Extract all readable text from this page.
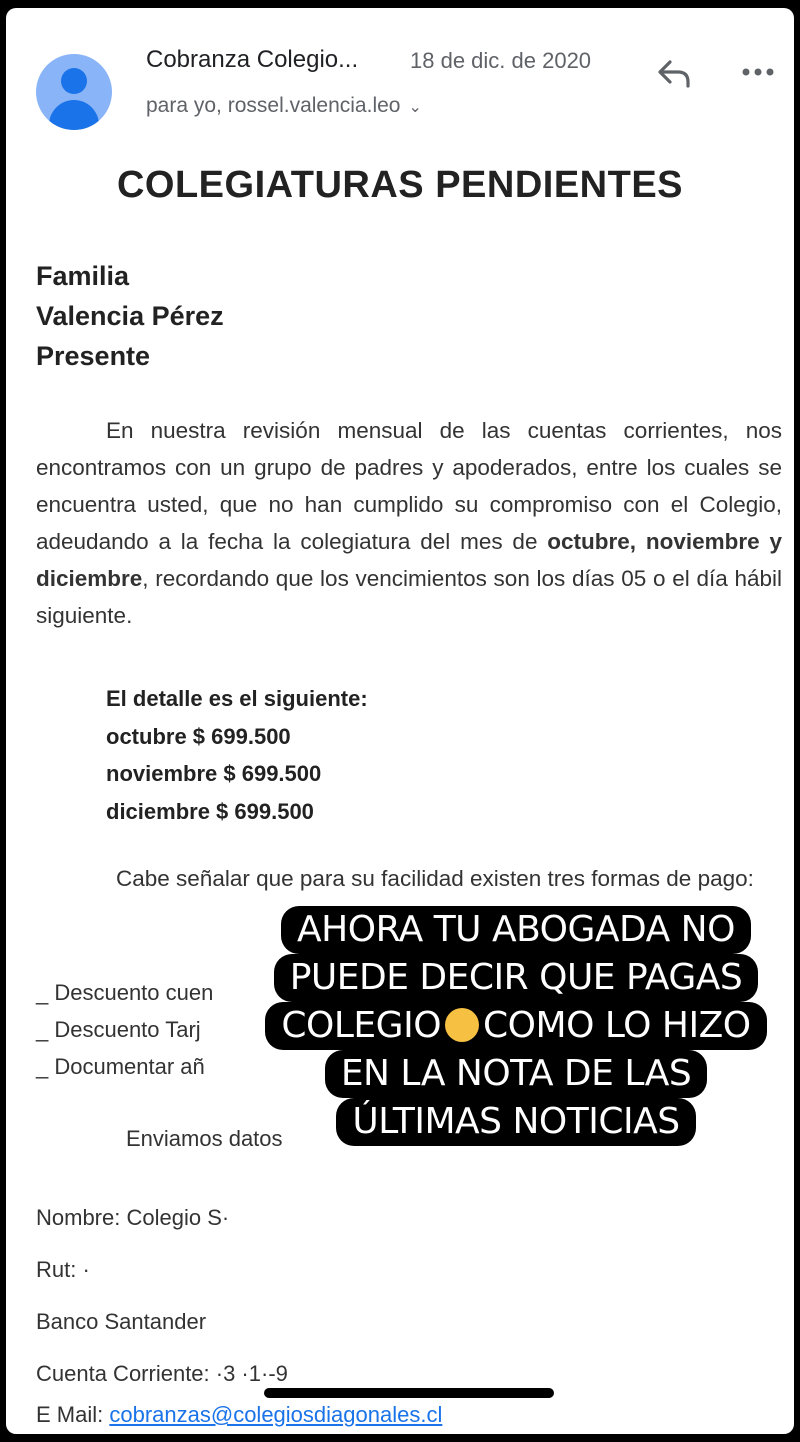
Cobranza Colegio... 18 de dic. de 2020
para yo, rossel.valencia.leo ⌄
COLEGIATURAS PENDIENTES
Familia
Valencia Pérez
Presente

En nuestra revisión mensual de las cuentas corrientes, nos encontramos con un grupo de padres y apoderados, entre los cuales se encuentra usted, que no han cumplido su compromiso con el Colegio, adeudando a la fecha la colegiatura del mes de octubre, noviembre y diciembre, recordando que los vencimientos son los días 05 o el día hábil siguiente.

El detalle es el siguiente:
octubre $ 699.500
noviembre $ 699.500
diciembre $ 699.500
Cabe señalar que para su facilidad existen tres formas de pago:
_ Descuento cuen
_ Descuento Tarj
_ Documentar añ
Enviamos datos
Nombre: Colegio S·
Rut: ·
Banco Santander
Cuenta Corriente: ·3 ·1·-9
E Mail: cobranzas@colegiosdiagonales.cl
AHORA TU ABOGADA NO
PUEDE DECIR QUE PAGAS
COLEGIO COMO LO HIZO
EN LA NOTA DE LAS
ÚLTIMAS NOTICIAS
